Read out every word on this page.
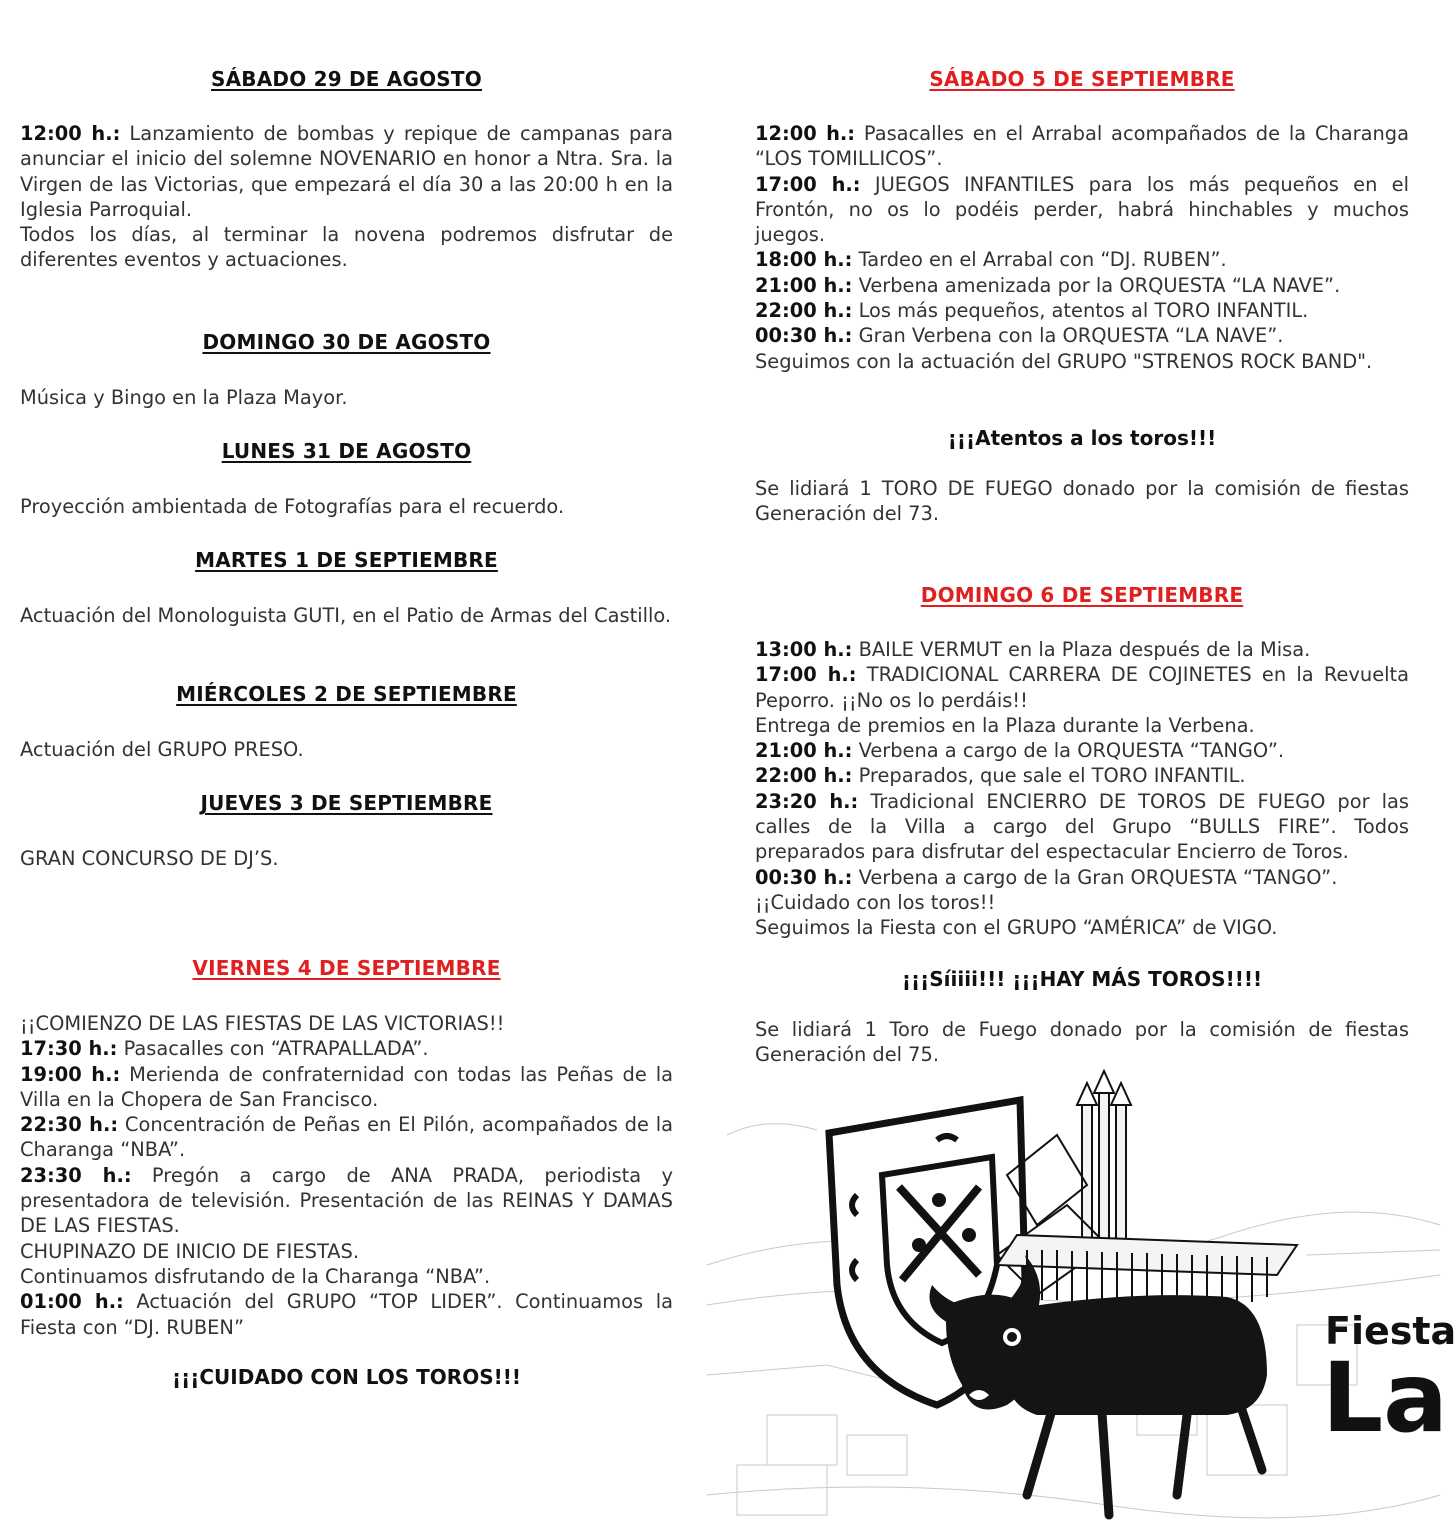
SÁBADO 29 DE AGOSTO

12:00 h.: Lanzamiento de bombas y repique de campanas para anunciar el inicio del solemne NOVENARIO en honor a Ntra. Sra. la Virgen de las Victorias, que empezará el día 30 a las 20:00 h en la Iglesia Parroquial.

Todos los días, al terminar la novena podremos disfrutar de diferentes eventos y actuaciones.

DOMINGO 30 DE AGOSTO

Música y Bingo en la Plaza Mayor.

LUNES 31 DE AGOSTO

Proyección ambientada de Fotografías para el recuerdo.

MARTES 1 DE SEPTIEMBRE

Actuación del Monologuista GUTI, en el Patio de Armas del Castillo.

MIÉRCOLES 2 DE SEPTIEMBRE

Actuación del GRUPO PRESO.

JUEVES 3 DE SEPTIEMBRE

GRAN CONCURSO DE DJ’S.

VIERNES 4 DE SEPTIEMBRE

¡¡COMIENZO DE LAS FIESTAS DE LAS VICTORIAS!!

17:30 h.: Pasacalles con “ATRAPALLADA”.

19:00 h.: Merienda de confraternidad con todas las Peñas de la Villa en la Chopera de San Francisco.

22:30 h.: Concentración de Peñas en El Pilón, acompañados de la Charanga “NBA”.

23:30 h.: Pregón a cargo de ANA PRADA, periodista y presentadora de televisión. Presentación de las REINAS Y DAMAS DE LAS FIESTAS.

CHUPINAZO DE INICIO DE FIESTAS.

Continuamos disfrutando de la Charanga “NBA”.

01:00 h.: Actuación del GRUPO “TOP LIDER”. Continuamos la Fiesta con “DJ. RUBEN”

¡¡¡CUIDADO CON LOS TOROS!!!
SÁBADO 5 DE SEPTIEMBRE

12:00 h.: Pasacalles en el Arrabal acompañados de la Charanga “LOS TOMILLICOS”.

17:00 h.: JUEGOS INFANTILES para los más pequeños en el Frontón, no os lo podéis perder, habrá hinchables y muchos juegos.

18:00 h.: Tardeo en el Arrabal con “DJ. RUBEN”.

21:00 h.: Verbena amenizada por la ORQUESTA “LA NAVE”.

22:00 h.: Los más pequeños, atentos al TORO INFANTIL.

00:30 h.: Gran Verbena con la ORQUESTA “LA NAVE”.

Seguimos con la actuación del GRUPO "STRENOS ROCK BAND".

¡¡¡Atentos a los toros!!!

Se lidiará 1 TORO DE FUEGO donado por la comisión de fiestas Generación del 73.

DOMINGO 6 DE SEPTIEMBRE

13:00 h.: BAILE VERMUT en la Plaza después de la Misa.

17:00 h.: TRADICIONAL CARRERA DE COJINETES en la Revuelta Peporro. ¡¡No os lo perdáis!!

Entrega de premios en la Plaza durante la Verbena.

21:00 h.: Verbena a cargo de la ORQUESTA “TANGO”.

22:00 h.: Preparados, que sale el TORO INFANTIL.

23:20 h.: Tradicional ENCIERRO DE TOROS DE FUEGO por las calles de la Villa a cargo del Grupo “BULLS FIRE”. Todos preparados para disfrutar del espectacular Encierro de Toros.

00:30 h.: Verbena a cargo de la Gran ORQUESTA “TANGO”.

¡¡Cuidado con los toros!!

Seguimos la Fiesta con el GRUPO “AMÉRICA” de VIGO.

¡¡¡Síiiii!!! ¡¡¡HAY MÁS TOROS!!!!

Se lidiará 1 Toro de Fuego donado por la comisión de fiestas Generación del 75.

Fiesta
La
